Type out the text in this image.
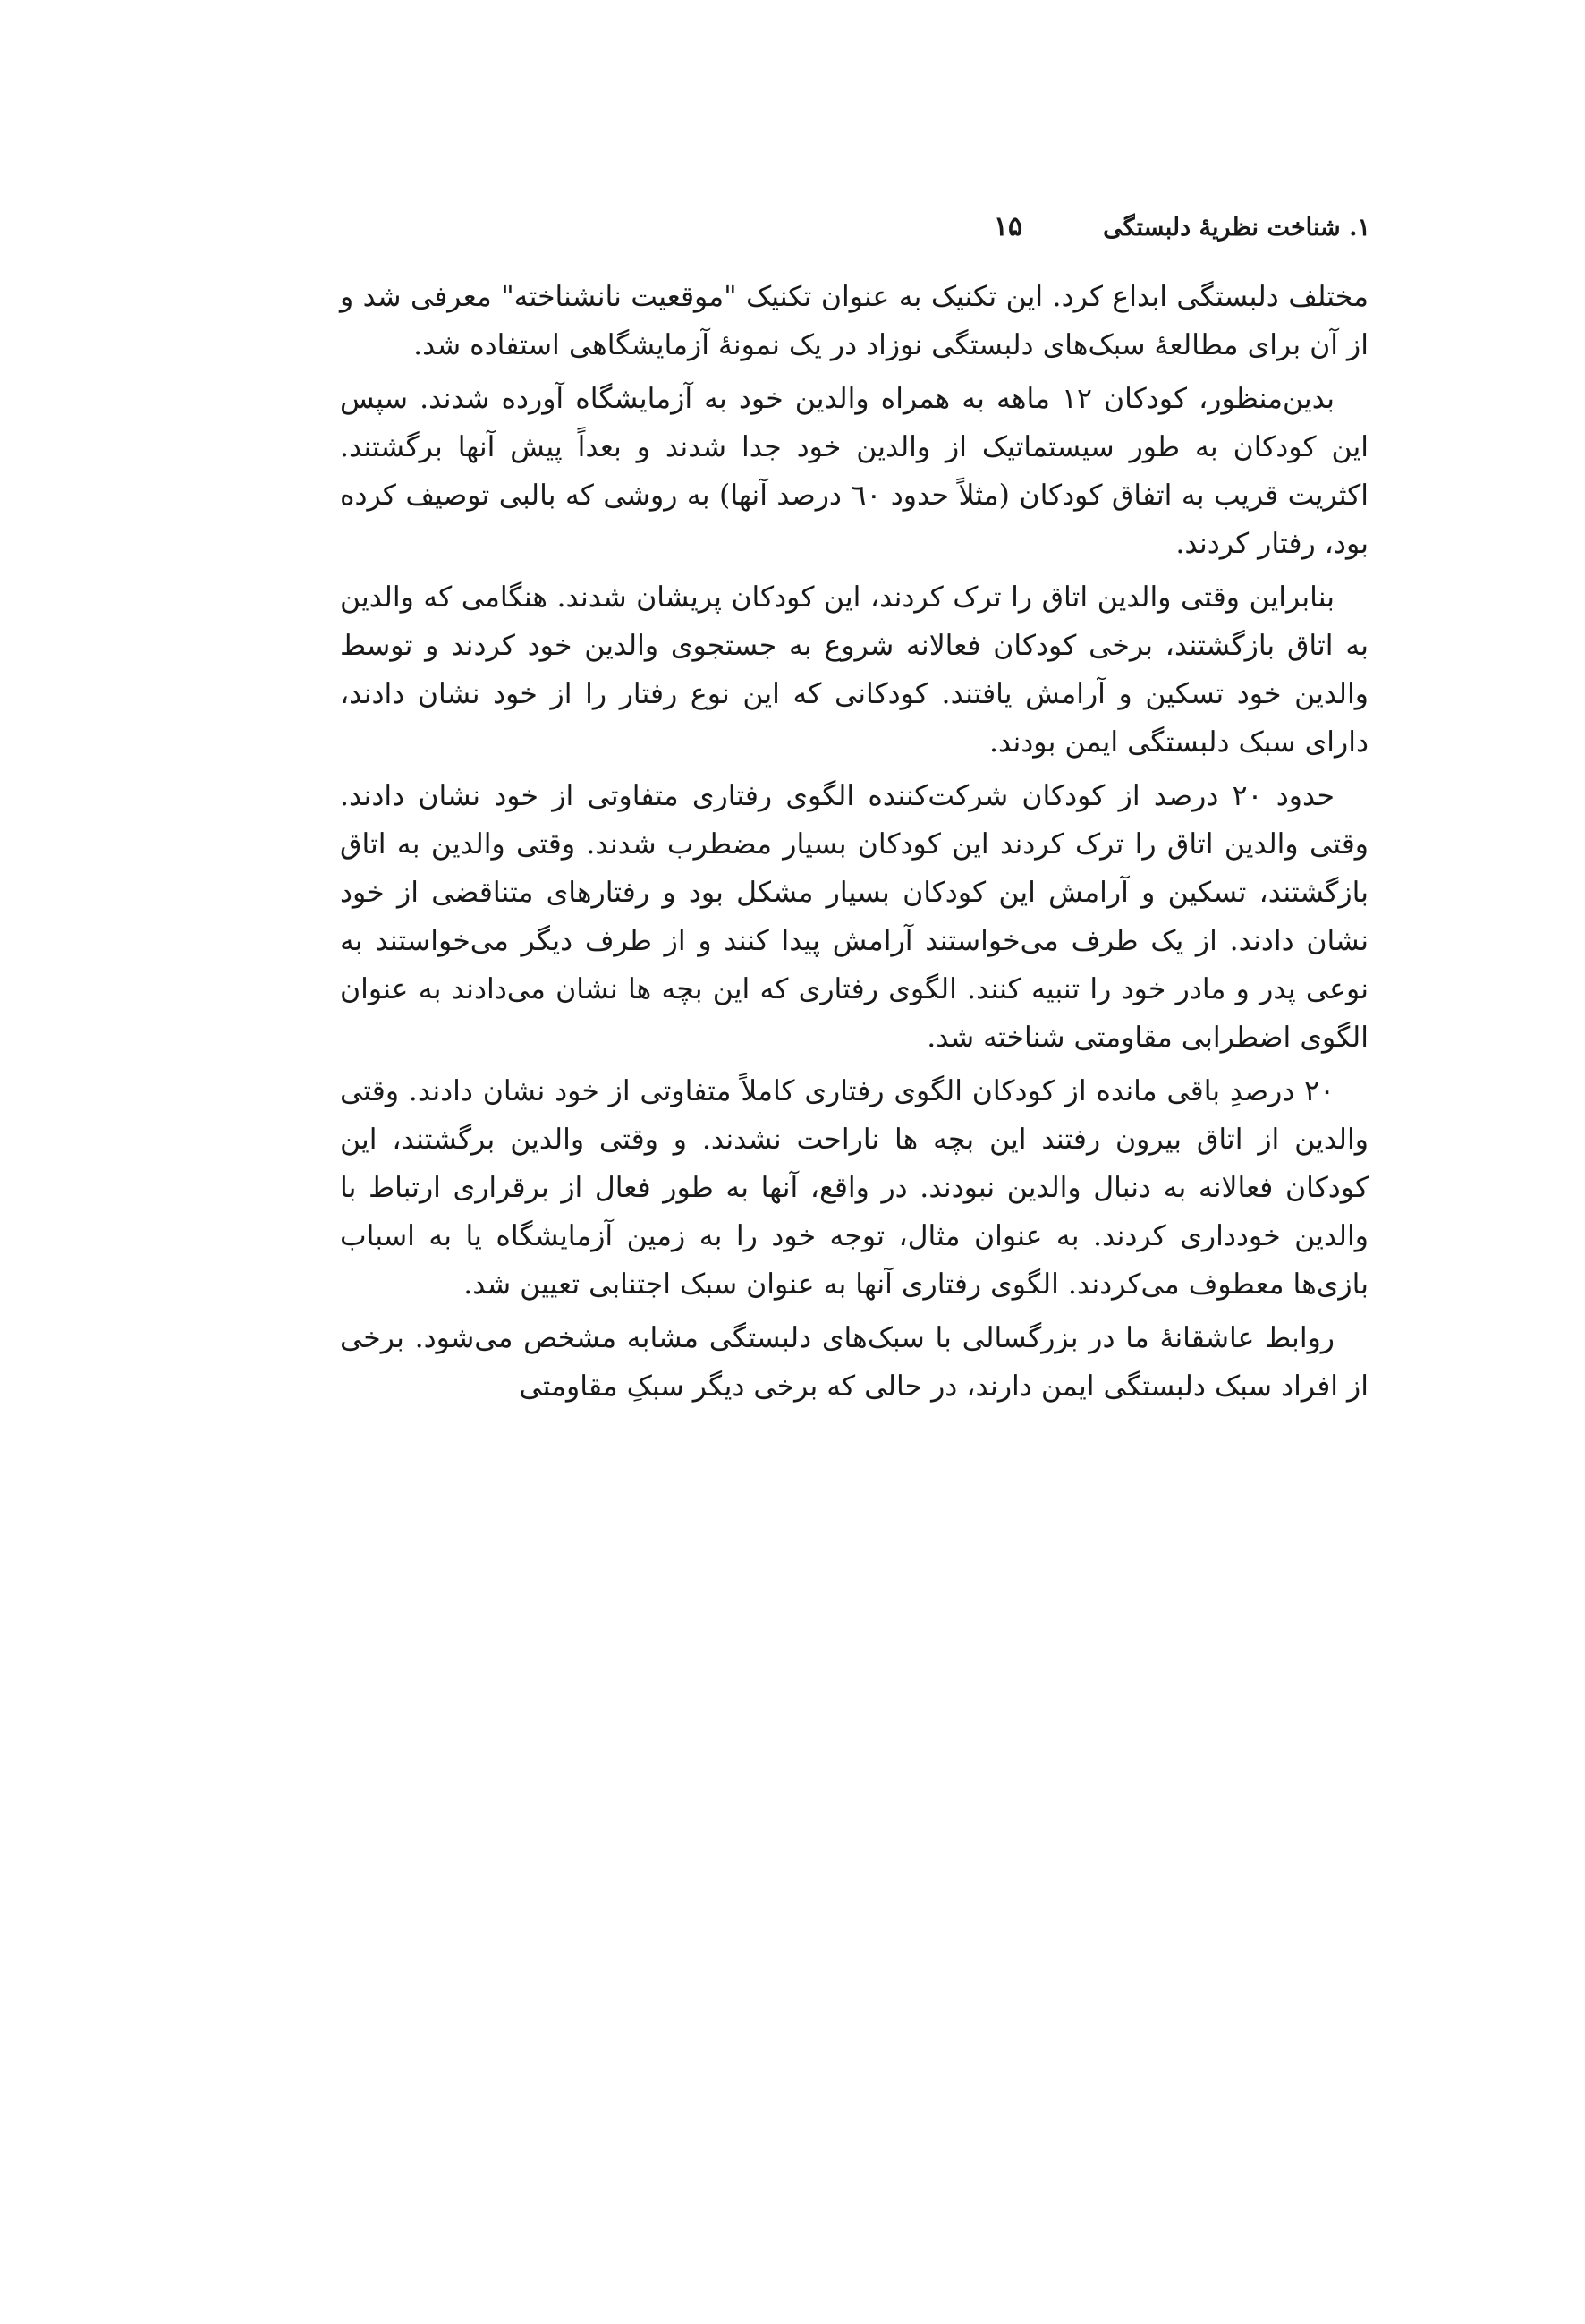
۱. شناخت نظریهٔ دلبستگی
۱۵

مختلف دلبستگی ابداع کرد. این تکنیک به عنوان تکنیک "موقعیت نانشناخته" معرفی شد و از آن برای مطالعهٔ سبک‌های دلبستگی نوزاد در یک نمونهٔ آزمایشگاهی استفاده شد.

بدین‌منظور، کودکان ۱۲ ماهه به همراه والدین خود به آزمایشگاه آورده شدند. سپس این کودکان به طور سیستماتیک از والدین خود جدا شدند و بعداً پیش آنها برگشتند. اکثریت قریب به اتفاق کودکان (مثلاً حدود ٦٠ درصد آنها) به روشی که بالبی توصیف کرده بود، رفتار کردند.

بنابراین وقتی والدین اتاق را ترک کردند، این کودکان پریشان شدند. هنگامی که والدین به اتاق بازگشتند، برخی کودکان فعالانه شروع به جستجوی والدین خود کردند و توسط والدین خود تسکین و آرامش یافتند. کودکانی که این نوع رفتار را از خود نشان دادند، دارای سبک دلبستگی ایمن بودند.

حدود ۲۰ درصد از کودکان شرکت‌کننده الگوی رفتاری متفاوتی از خود نشان دادند. وقتی والدین اتاق را ترک کردند این کودکان بسیار مضطرب شدند. وقتی والدین به اتاق بازگشتند، تسکین و آرامش این کودکان بسیار مشکل بود و رفتارهای متناقضی از خود نشان دادند. از یک طرف می‌خواستند آرامش پیدا کنند و از طرف دیگر می‌خواستند به نوعی پدر و مادر خود را تنبیه کنند. الگوی رفتاری که این بچه ها نشان می‌دادند به عنوان الگوی اضطرابی مقاومتی شناخته شد.

۲۰ درصدِ باقی مانده از کودکان الگوی رفتاری کاملاً متفاوتی از خود نشان دادند. وقتی والدین از اتاق بیرون رفتند این بچه ها ناراحت نشدند. و وقتی والدین برگشتند، این کودکان فعالانه به دنبال والدین نبودند. در واقع، آنها به طور فعال از برقراری ارتباط با والدین خودداری کردند. به عنوان مثال، توجه خود را به زمین آزمایشگاه یا به اسباب بازی‌ها معطوف می‌کردند. الگوی رفتاری آنها به عنوان سبک اجتنابی تعیین شد.

روابط عاشقانهٔ ما در بزرگسالی با سبک‌های دلبستگی مشابه مشخص می‌شود. برخی از افراد سبک دلبستگی ایمن دارند، در حالی که برخی دیگر سبکِ مقاومتی
